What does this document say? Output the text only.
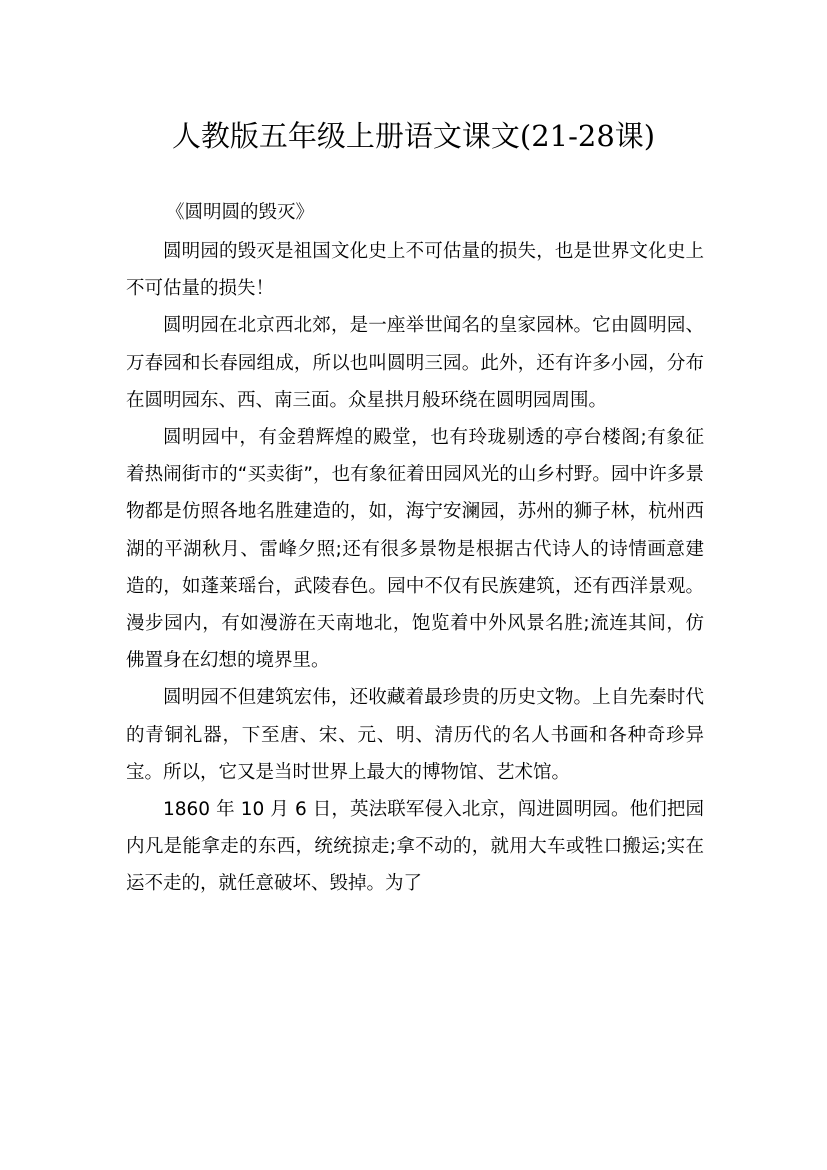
人教版五年级上册语文课文(21-28课)

《圆明圆的毁灭》

圆明园的毁灭是祖国文化史上不可估量的损失，也是世界文化史上不可估量的损失！

圆明园在北京西北郊，是一座举世闻名的皇家园林。它由圆明园、万春园和长春园组成，所以也叫圆明三园。此外，还有许多小园，分布在圆明园东、西、南三面。众星拱月般环绕在圆明园周围。

圆明园中，有金碧辉煌的殿堂，也有玲珑剔透的亭台楼阁;有象征着热闹街市的“买卖街”，也有象征着田园风光的山乡村野。园中许多景物都是仿照各地名胜建造的，如，海宁安澜园，苏州的狮子林，杭州西湖的平湖秋月、雷峰夕照;还有很多景物是根据古代诗人的诗情画意建造的，如蓬莱瑶台，武陵春色。园中不仅有民族建筑，还有西洋景观。漫步园内，有如漫游在天南地北，饱览着中外风景名胜;流连其间，仿佛置身在幻想的境界里。

圆明园不但建筑宏伟，还收藏着最珍贵的历史文物。上自先秦时代的青铜礼器，下至唐、宋、元、明、清历代的名人书画和各种奇珍异宝。所以，它又是当时世界上最大的博物馆、艺术馆。

1860 年 10 月 6 日，英法联军侵入北京，闯进圆明园。他们把园内凡是能拿走的东西，统统掠走;拿不动的，就用大车或牲口搬运;实在运不走的，就任意破坏、毁掉。为了
